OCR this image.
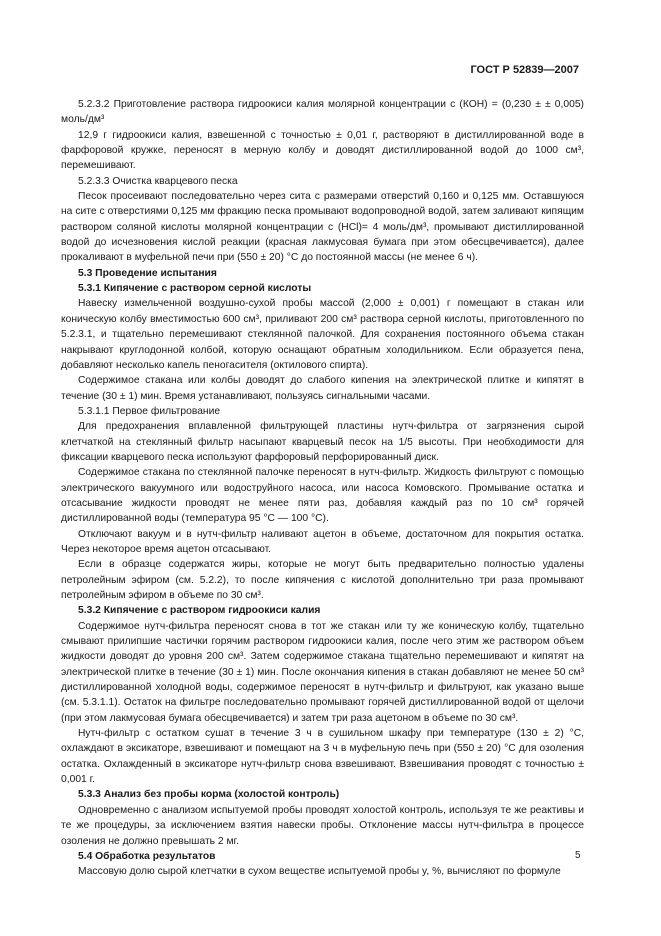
ГОСТ Р 52839—2007

5.2.3.2 Приготовление раствора гидроокиси калия молярной концентрации c (КОН) = (0,230 ± ± 0,005) моль/дм³

12,9 г гидроокиси калия, взвешенной с точностью ± 0,01 г, растворяют в дистиллированной воде в фарфоровой кружке, переносят в мерную колбу и доводят дистиллированной водой до 1000 см³, перемешивают.

5.2.3.3 Очистка кварцевого песка

Песок просеивают последовательно через сита с размерами отверстий 0,160 и 0,125 мм. Оставшуюся на сите с отверстиями 0,125 мм фракцию песка промывают водопроводной водой, затем заливают кипящим раствором соляной кислоты молярной концентрации c (НСl)= 4 моль/дм³, промывают дистиллированной водой до исчезновения кислой реакции (красная лакмусовая бумага при этом обесцвечивается), далее прокаливают в муфельной печи при (550 ± 20) °С до постоянной массы (не менее 6 ч).

5.3 Проведение испытания

5.3.1 Кипячение с раствором серной кислоты

Навеску измельченной воздушно-сухой пробы массой (2,000 ± 0,001) г помещают в стакан или коническую колбу вместимостью 600 см³, приливают 200 см³ раствора серной кислоты, приготовленного по 5.2.3.1, и тщательно перемешивают стеклянной палочкой. Для сохранения постоянного объема стакан накрывают круглодонной колбой, которую оснащают обратным холодильником. Если образуется пена, добавляют несколько капель пеногасителя (октилового спирта).

Содержимое стакана или колбы доводят до слабого кипения на электрической плитке и кипятят в течение (30 ± 1) мин. Время устанавливают, пользуясь сигнальными часами.

5.3.1.1 Первое фильтрование

Для предохранения вплавленной фильтрующей пластины нутч-фильтра от загрязнения сырой клетчаткой на стеклянный фильтр насыпают кварцевый песок на 1/5 высоты. При необходимости для фиксации кварцевого песка используют фарфоровый перфорированный диск.

Содержимое стакана по стеклянной палочке переносят в нутч-фильтр. Жидкость фильтруют с помощью электрического вакуумного или водоструйного насоса, или насоса Комовского. Промывание остатка и отсасывание жидкости проводят не менее пяти раз, добавляя каждый раз по 10 см³ горячей дистиллированной воды (температура 95 °С — 100 °С).

Отключают вакуум и в нутч-фильтр наливают ацетон в объеме, достаточном для покрытия остатка. Через некоторое время ацетон отсасывают.

Если в образце содержатся жиры, которые не могут быть предварительно полностью удалены петролейным эфиром (см. 5.2.2), то после кипячения с кислотой дополнительно три раза промывают петролейным эфиром в объеме по 30 см³.

5.3.2 Кипячение с раствором гидроокиси калия

Содержимое нутч-фильтра переносят снова в тот же стакан или ту же коническую колбу, тщательно смывают прилипшие частички горячим раствором гидроокиси калия, после чего этим же раствором объем жидкости доводят до уровня 200 см³. Затем содержимое стакана тщательно перемешивают и кипятят на электрической плитке в течение (30 ± 1) мин. После окончания кипения в стакан добавляют не менее 50 см³ дистиллированной холодной воды, содержимое переносят в нутч-фильтр и фильтруют, как указано выше (см. 5.3.1.1). Остаток на фильтре последовательно промывают горячей дистиллированной водой от щелочи (при этом лакмусовая бумага обесцвечивается) и затем три раза ацетоном в объеме по 30 см³.

Нутч-фильтр с остатком сушат в течение 3 ч в сушильном шкафу при температуре (130 ± 2) °С, охлаждают в эксикаторе, взвешивают и помещают на 3 ч в муфельную печь при (550 ± 20) °С для озоления остатка. Охлажденный в эксикаторе нутч-фильтр снова взвешивают. Взвешивания проводят с точностью ± 0,001 г.

5.3.3 Анализ без пробы корма (холостой контроль)

Одновременно с анализом испытуемой пробы проводят холостой контроль, используя те же реактивы и те же процедуры, за исключением взятия навески пробы. Отклонение массы нутч-фильтра в процессе озоления не должно превышать 2 мг.

5.4 Обработка результатов

Массовую долю сырой клетчатки в сухом веществе испытуемой пробы y, %, вычисляют по формуле

5
